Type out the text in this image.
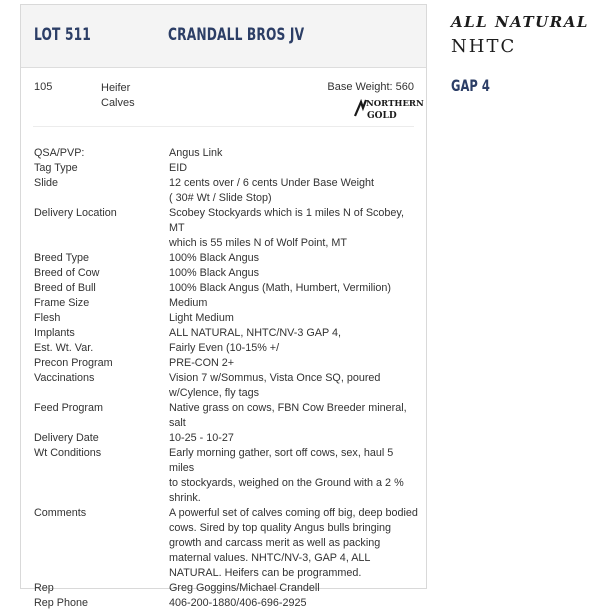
LOT 511	CRANDALL BROS JV
105	Heifer
Calves
Base Weight: 560
NORTHERN
GOLD
QSA/PVP:	Angus Link
Tag Type	EID
Slide	12 cents over / 6 cents Under Base Weight
( 30# Wt / Slide Stop)
Delivery Location	Scobey Stockyards which is 1 miles N of Scobey, MT
which is 55 miles N of Wolf Point, MT
Breed Type	100% Black Angus
Breed of Cow	100% Black Angus
Breed of Bull	100% Black Angus (Math, Humbert, Vermilion)
Frame Size	Medium
Flesh	Light Medium
Implants	ALL NATURAL, NHTC/NV-3 GAP 4,
Est. Wt. Var.	Fairly Even (10-15% +/
Precon Program	PRE-CON 2+
Vaccinations	Vision 7 w/Sommus, Vista Once SQ, poured
w/Cylence, fly tags
Feed Program	Native grass on cows, FBN Cow Breeder mineral,
salt
Delivery Date	10-25 - 10-27
Wt Conditions	Early morning gather, sort off cows, sex, haul 5 miles
to stockyards, weighed on the Ground with a 2 %
shrink.
Comments	A powerful set of calves coming off big, deep bodied
cows. Sired by top quality Angus bulls bringing
growth and carcass merit as well as packing
maternal values. NHTC/NV-3, GAP 4, ALL
NATURAL. Heifers can be programmed.
Rep	Greg Goggins/Michael Crandell
Rep Phone	406-200-1880/406-696-2925
ALL NATURAL
NHTC
GAP 4
